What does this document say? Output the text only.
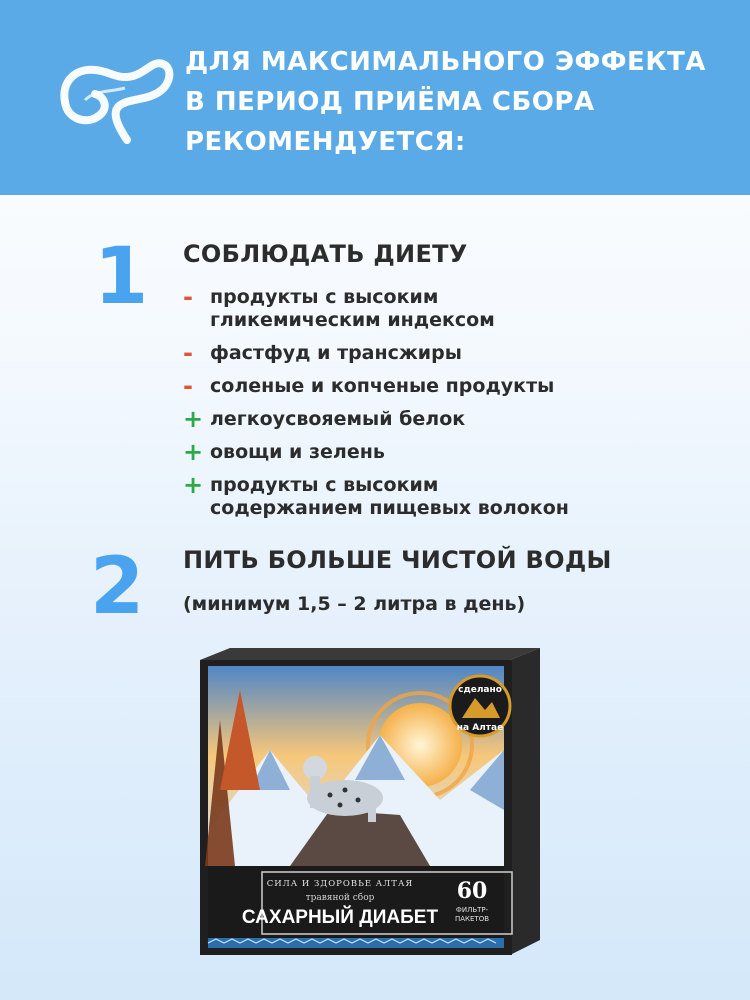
ДЛЯ МАКСИМАЛЬНОГО ЭФФЕКТА
В ПЕРИОД ПРИЁМА СБОРА
РЕКОМЕНДУЕТСЯ:
1 СОБЛЮДАТЬ ДИЕТУ
- продукты с высоким
гликемическим индексом
- фастфуд и трансжиры
- соленые и копченые продукты
+ легкоусвояемый белок
+ овощи и зелень
+ продукты с высоким
содержанием пищевых волокон
2 ПИТЬ БОЛЬШЕ ЧИСТОЙ ВОДЫ
(минимум 1,5 – 2 литра в день)
сделано
на Алтае
СИЛА И ЗДОРОВЬЕ АЛТАЯ
травяной сбор
САХАРНЫЙ ДИАБЕТ
60
ФИЛЬТР-
ПАКЕТОВ
